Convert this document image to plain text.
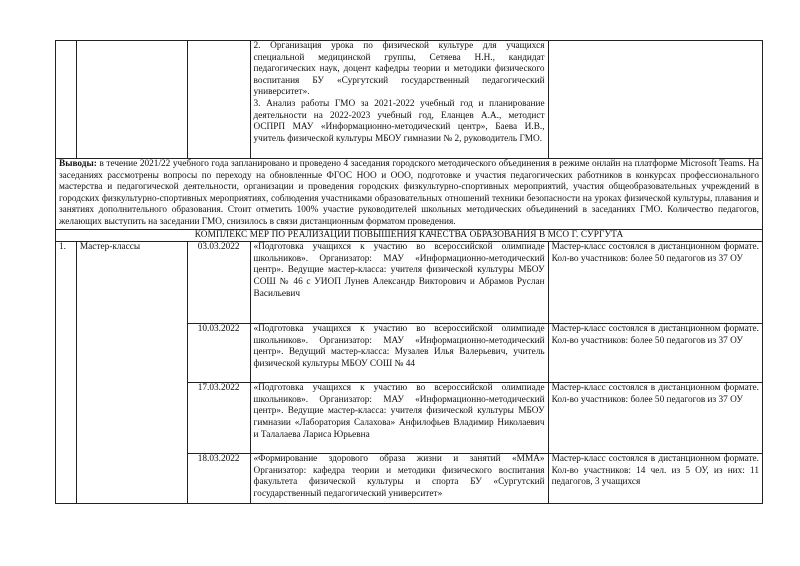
			2. Организация урока по физической культуре для учащихся специальной медицинской группы, Сетяева Н.Н., кандидат педагогических наук, доцент кафедры теории и методики физического воспитания БУ «Сургутский государственный педагогический университет».
3. Анализ работы ГМО за 2021-2022 учебный год и планирование деятельности на 2022-2023 учебный год, Еланцев А.А., методист ОСПРП МАУ «Информационно-методический центр», Баева И.В., учитель физической культуры МБОУ гимназии № 2, руководитель ГМО.	

Выводы: в течение 2021/22 учебного года запланировано и проведено 4 заседания городского методического объединения в режиме онлайн на платформе Microsoft Teams. На заседаниях рассмотрены вопросы по переходу на обновленные ФГОС НОО и ООО, подготовке и участия педагогических работников в конкурсах профессионального мастерства и педагогической деятельности, организации и проведения городских физкультурно-спортивных мероприятий, участия общеобразовательных учреждений в городских физкультурно-спортивных мероприятиях, соблюдения участниками образовательных отношений техники безопасности на уроках физической культуры, плавания и занятиях дополнительного образования. Стоит отметить 100% участие руководителей школьных методических объединений в заседаниях ГМО. Количество педагогов, желающих выступить на заседании ГМО, снизилось в связи дистанционным форматом проведения.				
КОМПЛЕКС МЕР ПО РЕАЛИЗАЦИИ ПОВЫШЕНИЯ КАЧЕСТВА ОБРАЗОВАНИЯ В МСО Г. СУРГУТА				
1.	Мастер-классы	03.03.2022	«Подготовка учащихся к участию во всероссийской олимпиаде школьников». Организатор: МАУ «Информационно-методический центр». Ведущие мастер-класса: учителя физической культуры МБОУ СОШ № 46 с УИОП Лунев Александр Викторович и Абрамов Руслан Васильевич	Мастер-класс состоялся в дистанционном формате. Кол-во участников: более 50 педагогов из 37 ОУ
		10.03.2022	«Подготовка учащихся к участию во всероссийской олимпиаде школьников». Организатор: МАУ «Информационно-методический центр». Ведущий мастер-класса: Музалев Илья Валерьевич, учитель физической культуры МБОУ СОШ № 44	Мастер-класс состоялся в дистанционном формате. Кол-во участников: более 50 педагогов из 37 ОУ
		17.03.2022	«Подготовка учащихся к участию во всероссийской олимпиаде школьников». Организатор: МАУ «Информационно-методический центр». Ведущие мастер-класса: учителя физической культуры МБОУ гимназии «Лаборатория Салахова» Анфилофьев Владимир Николаевич и Талалаева Лариса Юрьевна	Мастер-класс состоялся в дистанционном формате. Кол-во участников: более 50 педагогов из 37 ОУ
		18.03.2022	«Формирование здорового образа жизни и занятий «ММА» Организатор: кафедра теории и методики физического воспитания факультета физической культуры и спорта БУ «Сургутский государственный педагогический университет»	Мастер-класс состоялся в дистанционном формате. Кол-во участников: 14 чел. из 5 ОУ, из них: 11 педагогов, 3 учащихся
